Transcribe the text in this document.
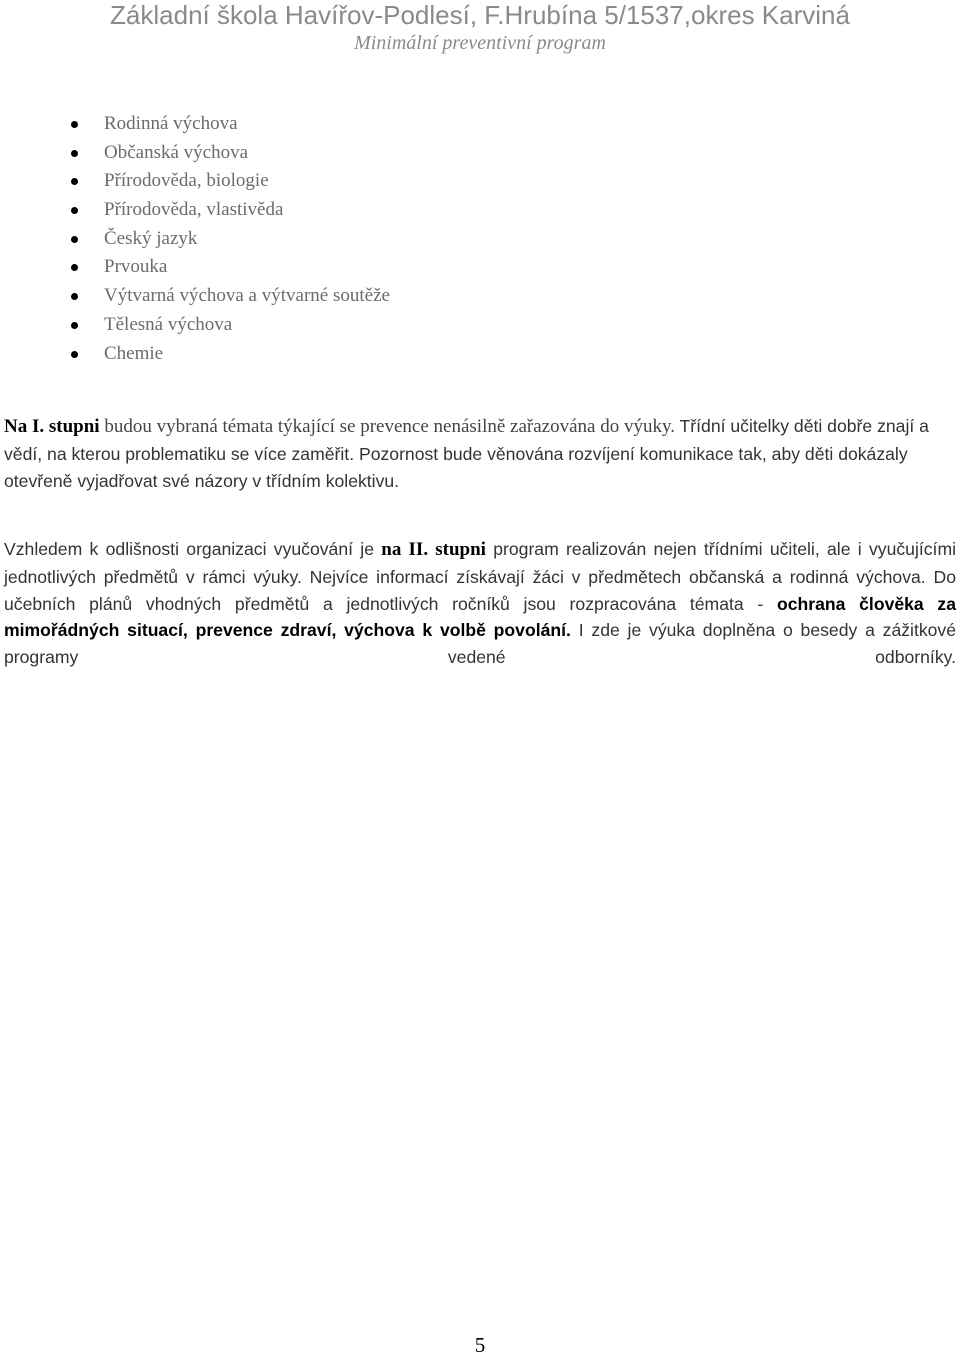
Základní škola Havířov-Podlesí, F.Hrubína 5/1537,okres Karviná
Minimální preventivní program
Rodinná výchova
Občanská výchova
Přírodověda, biologie
Přírodověda, vlastivěda
Český jazyk
Prvouka
Výtvarná výchova a výtvarné soutěže
Tělesná výchova
Chemie

Na I. stupni budou vybraná témata týkající se prevence nenásilně zařazována do výuky. Třídní učitelky děti dobře znají a vědí, na kterou problematiku se více zaměřit. Pozornost bude věnována rozvíjení komunikace tak, aby děti dokázaly otevřeně vyjadřovat své názory v třídním kolektivu.

Vzhledem k odlišnosti organizaci vyučování je na II. stupni program realizován nejen třídními učiteli, ale i vyučujícími jednotlivých předmětů v rámci výuky. Nejvíce informací získávají žáci v předmětech občanská a rodinná výchova. Do učebních plánů vhodných předmětů a jednotlivých ročníků jsou rozpracována témata - ochrana člověka za mimořádných situací, prevence zdraví, výchova k volbě povolání. I zde je výuka doplněna o besedy a zážitkové programy vedené odborníky.

5
